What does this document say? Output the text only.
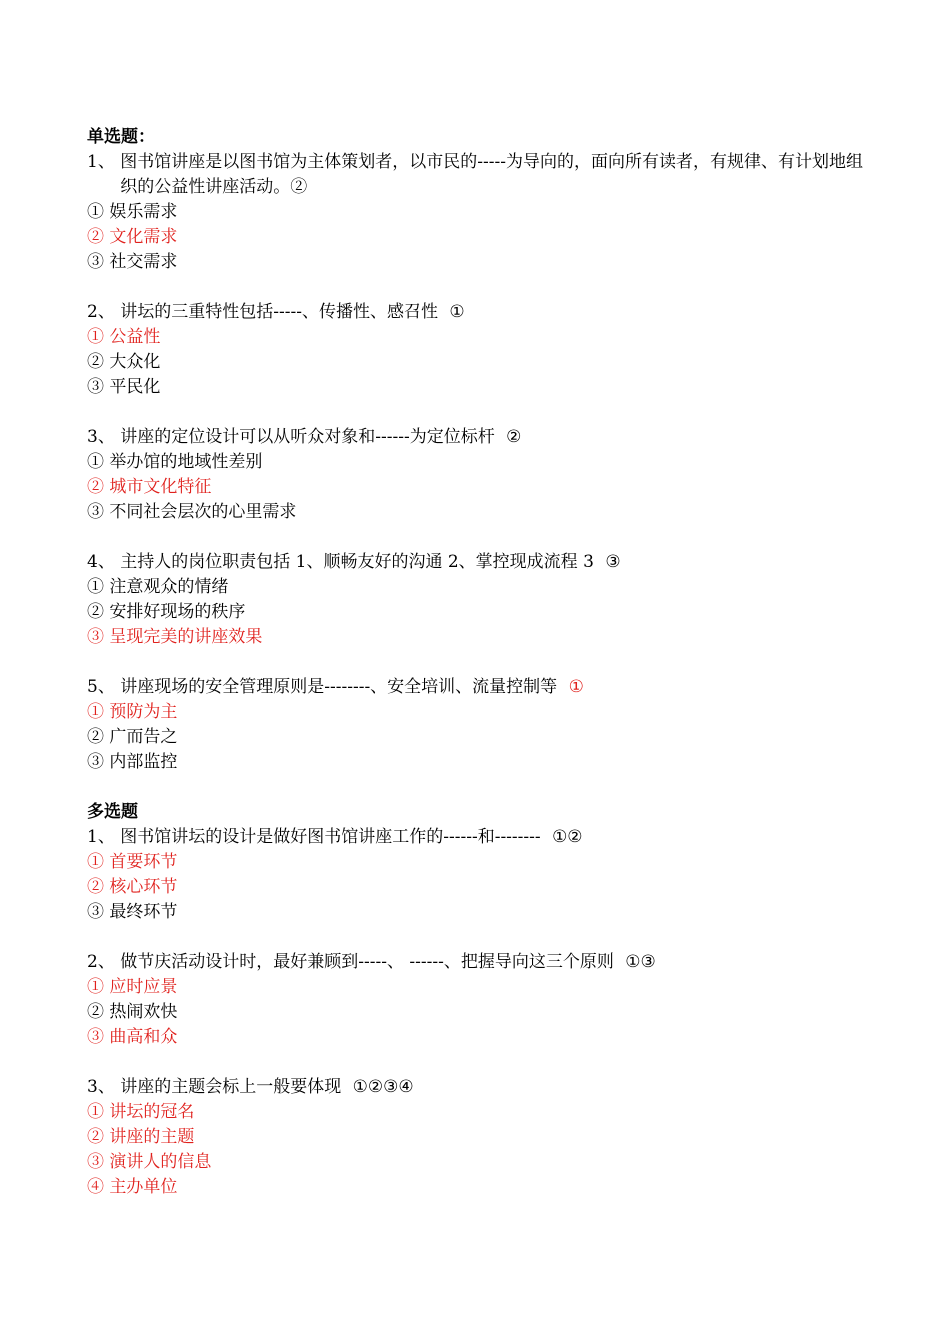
单选题：
1、
图书馆讲座是以图书馆为主体策划者，以市民的-----为导向的，面向所有读者，有规律、有计划地组织的公益性讲座活动。②
① 娱乐需求
② 文化需求
③ 社交需求
2、 讲坛的三重特性包括-----、传播性、感召性 ①
① 公益性
② 大众化
③ 平民化
3、 讲座的定位设计可以从听众对象和------为定位标杆 ②
① 举办馆的地域性差别
② 城市文化特征
③ 不同社会层次的心里需求
4、 主持人的岗位职责包括 1、顺畅友好的沟通 2、掌控现成流程 3 ③
① 注意观众的情绪
② 安排好现场的秩序
③ 呈现完美的讲座效果
5、 讲座现场的安全管理原则是--------、安全培训、流量控制等 ①
① 预防为主
② 广而告之
③ 内部监控
多选题
1、 图书馆讲坛的设计是做好图书馆讲座工作的------和-------- ①②
① 首要环节
② 核心环节
③ 最终环节
2、 做节庆活动设计时，最好兼顾到-----、 ------、把握导向这三个原则 ①③
① 应时应景
② 热闹欢快
③ 曲高和众
3、 讲座的主题会标上一般要体现 ①②③④
① 讲坛的冠名
② 讲座的主题
③ 演讲人的信息
④ 主办单位
